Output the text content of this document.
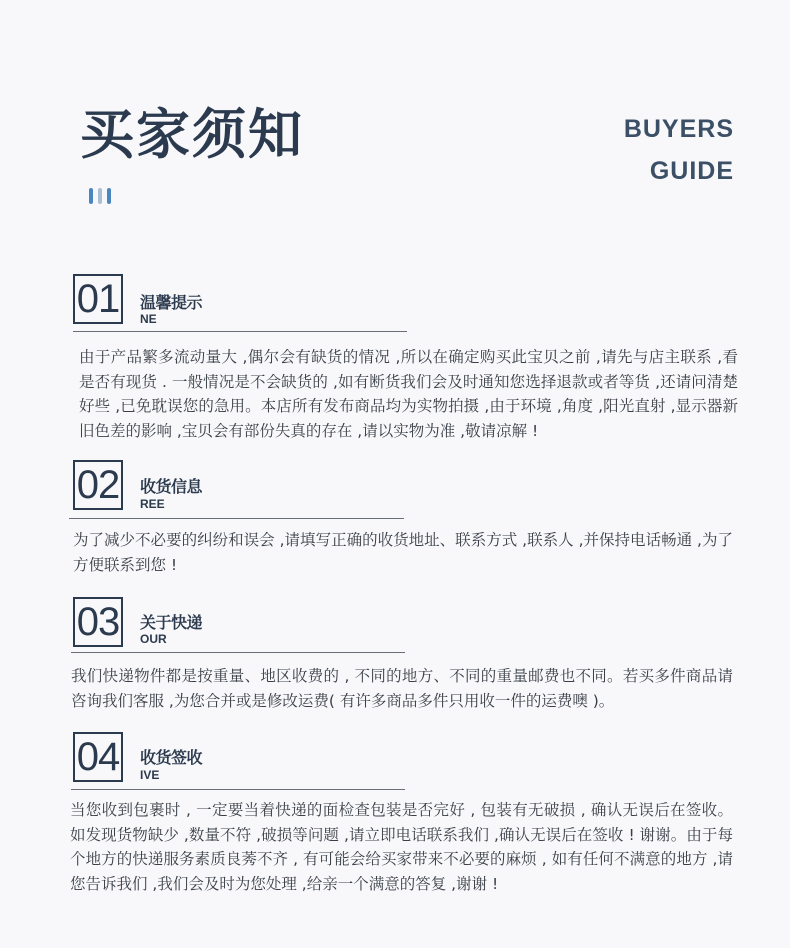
买家须知	BUYERS
GUIDE
01 温馨提示
NE
由于产品繁多流动量大 ,偶尔会有缺货的情况 ,所以在确定购买此宝贝之前 ,请先与店主联系 ,看是否有现货 . 一般情况是不会缺货的 ,如有断货我们会及时通知您选择退款或者等货 ,还请问清楚好些 ,已免耽误您的急用。本店所有发布商品均为实物拍摄 ,由于环境 ,角度 ,阳光直射 ,显示器新旧色差的影响 ,宝贝会有部份失真的存在 ,请以实物为准 ,敬请凉解 !
02 收货信息
REE
为了减少不必要的纠纷和误会 ,请填写正确的收货地址、联系方式 ,联系人 ,并保持电话畅通 ,为了方便联系到您 !
03 关于快递
OUR
我们快递物件都是按重量、地区收费的 , 不同的地方、不同的重量邮费也不同。若买多件商品请咨询我们客服 ,为您合并或是修改运费( 有许多商品多件只用收一件的运费噢 )。
04 收货签收
IVE
当您收到包裹时 , 一定要当着快递的面检查包装是否完好 , 包装有无破损 , 确认无误后在签收。如发现货物缺少 ,数量不符 ,破损等问题 ,请立即电话联系我们 ,确认无误后在签收 ! 谢谢。由于每个地方的快递服务素质良莠不齐 , 有可能会给买家带来不必要的麻烦 , 如有任何不满意的地方 ,请您告诉我们 ,我们会及时为您处理 ,给亲一个满意的答复 ,谢谢 !
